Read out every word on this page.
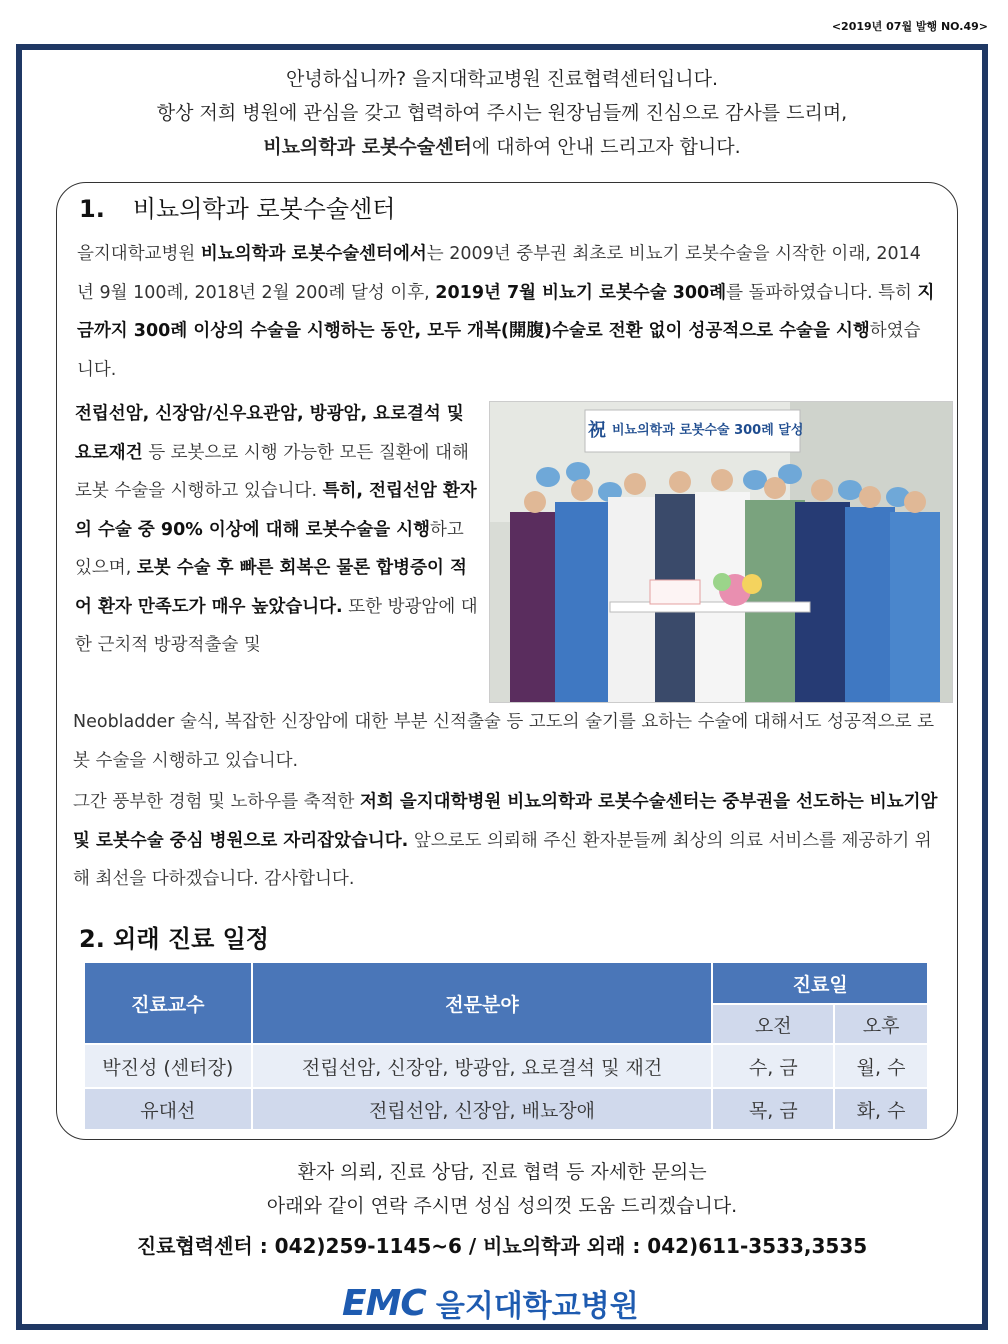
<2019년 07월 발행 NO.49>
안녕하십니까? 을지대학교병원 진료협력센터입니다.
항상 저희 병원에 관심을 갖고 협력하여 주시는 원장님들께 진심으로 감사를 드리며,
비뇨의학과 로봇수술센터에 대하여 안내 드리고자 합니다.
1. 비뇨의학과 로봇수술센터
을지대학교병원 비뇨의학과 로봇수술센터에서는 2009년 중부권 최초로 비뇨기 로봇수술을 시작한 이래, 2014년 9월 100례, 2018년 2월 200례 달성 이후, 2019년 7월 비뇨기 로봇수술 300례를 돌파하였습니다. 특히 지금까지 300례 이상의 수술을 시행하는 동안, 모두 개복(開腹)수술로 전환 없이 성공적으로 수술을 시행하였습니다.
전립선암, 신장암/신우요관암, 방광암, 요로결석 및 요로재건 등 로봇으로 시행 가능한 모든 질환에 대해 로봇 수술을 시행하고 있습니다. 특히, 전립선암 환자의 수술 중 90% 이상에 대해 로봇수술을 시행하고 있으며, 로봇 수술 후 빠른 회복은 물론 합병증이 적어 환자 만족도가 매우 높았습니다. 또한 방광암에 대한 근치적 방광적출술 및
祝 비뇨의학과 로봇수술 300례 달성
Neobladder 술식, 복잡한 신장암에 대한 부분 신적출술 등 고도의 술기를 요하는 수술에 대해서도 성공적으로 로봇 수술을 시행하고 있습니다.
그간 풍부한 경험 및 노하우를 축적한 저희 을지대학병원 비뇨의학과 로봇수술센터는 중부권을 선도하는 비뇨기암 및 로봇수술 중심 병원으로 자리잡았습니다. 앞으로도 의뢰해 주신 환자분들께 최상의 의료 서비스를 제공하기 위해 최선을 다하겠습니다. 감사합니다.
2. 외래 진료 일정
진료교수	전문분야	진료일	
		오전	오후
박진성 (센터장)	전립선암, 신장암, 방광암, 요로결석 및 재건	수, 금	월, 수
유대선	전립선암, 신장암, 배뇨장애	목, 금	화, 수
환자 의뢰, 진료 상담, 진료 협력 등 자세한 문의는
아래와 같이 연락 주시면 성심 성의껏 도움 드리겠습니다.
진료협력센터 : 042)259-1145~6 / 비뇨의학과 외래 : 042)611-3533,3535
EMC 을지대학교병원
